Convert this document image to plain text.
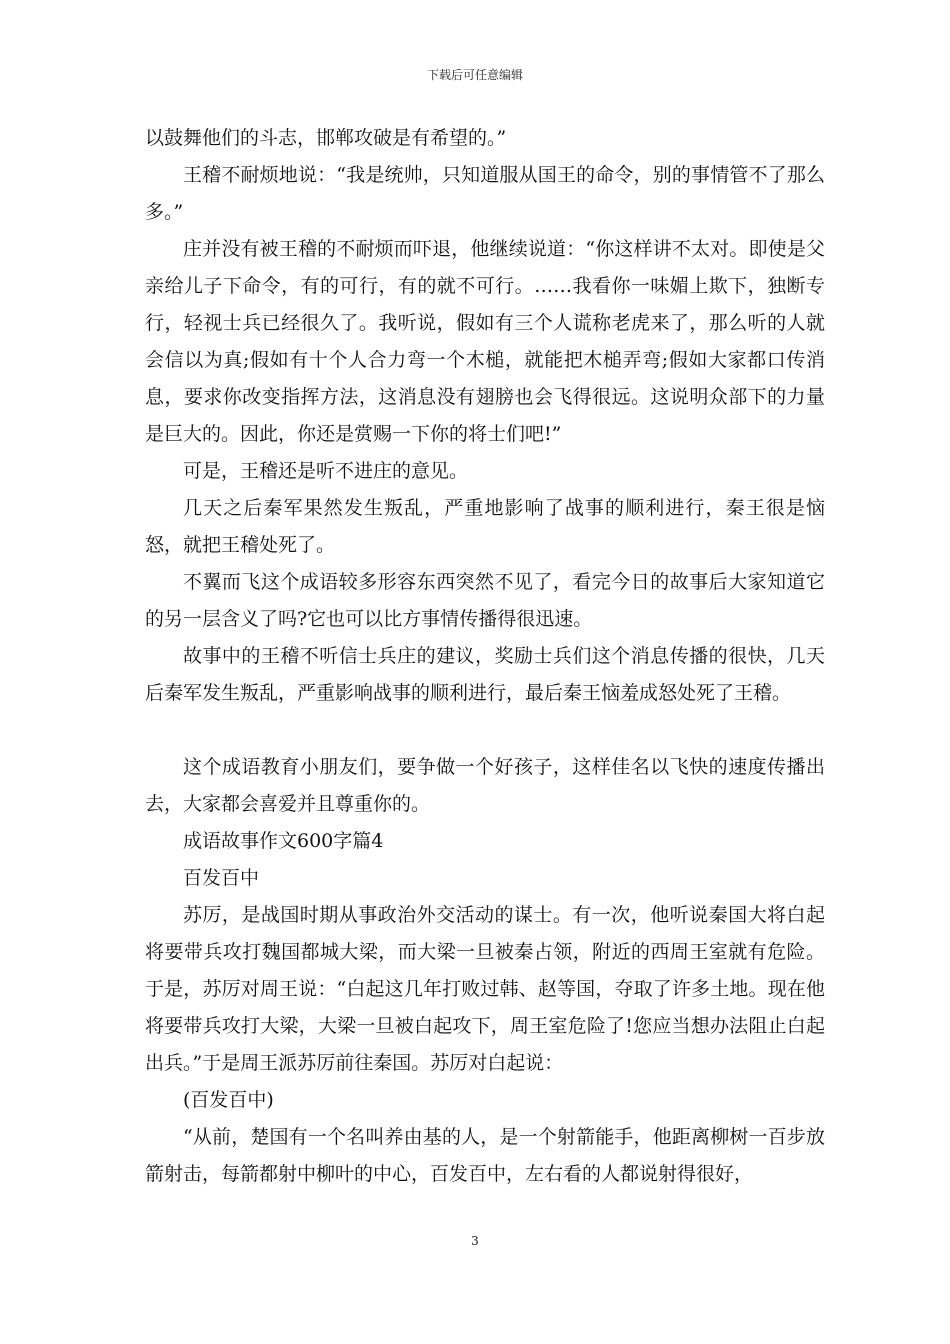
下载后可任意编辑

以鼓舞他们的斗志，邯郸攻破是有希望的。”

王稽不耐烦地说：“我是统帅，只知道服从国王的命令，别的事情管不了那么多。”

庄并没有被王稽的不耐烦而吓退，他继续说道：“你这样讲不太对。即使是父亲给儿子下命令，有的可行，有的就不可行。……我看你一味媚上欺下，独断专行，轻视士兵已经很久了。我听说，假如有三个人谎称老虎来了，那么听的人就会信以为真;假如有十个人合力弯一个木槌，就能把木槌弄弯;假如大家都口传消息，要求你改变指挥方法，这消息没有翅膀也会飞得很远。这说明众部下的力量是巨大的。因此，你还是赏赐一下你的将士们吧!”

可是，王稽还是听不进庄的意见。

几天之后秦军果然发生叛乱，严重地影响了战事的顺利进行，秦王很是恼怒，就把王稽处死了。

不翼而飞这个成语较多形容东西突然不见了，看完今日的故事后大家知道它的另一层含义了吗?它也可以比方事情传播得很迅速。

故事中的王稽不听信士兵庄的建议，奖励士兵们这个消息传播的很快，几天后秦军发生叛乱，严重影响战事的顺利进行，最后秦王恼羞成怒处死了王稽。

这个成语教育小朋友们，要争做一个好孩子，这样佳名以飞快的速度传播出去，大家都会喜爱并且尊重你的。

成语故事作文600字篇4

百发百中

苏厉，是战国时期从事政治外交活动的谋士。有一次，他听说秦国大将白起将要带兵攻打魏国都城大梁，而大梁一旦被秦占领，附近的西周王室就有危险。于是，苏厉对周王说：“白起这几年打败过韩、赵等国，夺取了许多土地。现在他将要带兵攻打大梁，大梁一旦被白起攻下，周王室危险了!您应当想办法阻止白起出兵。”于是周王派苏厉前往秦国。苏厉对白起说：

(百发百中)

“从前，楚国有一个名叫养由基的人，是一个射箭能手，他距离柳树一百步放箭射击，每箭都射中柳叶的中心，百发百中，左右看的人都说射得很好，

3
